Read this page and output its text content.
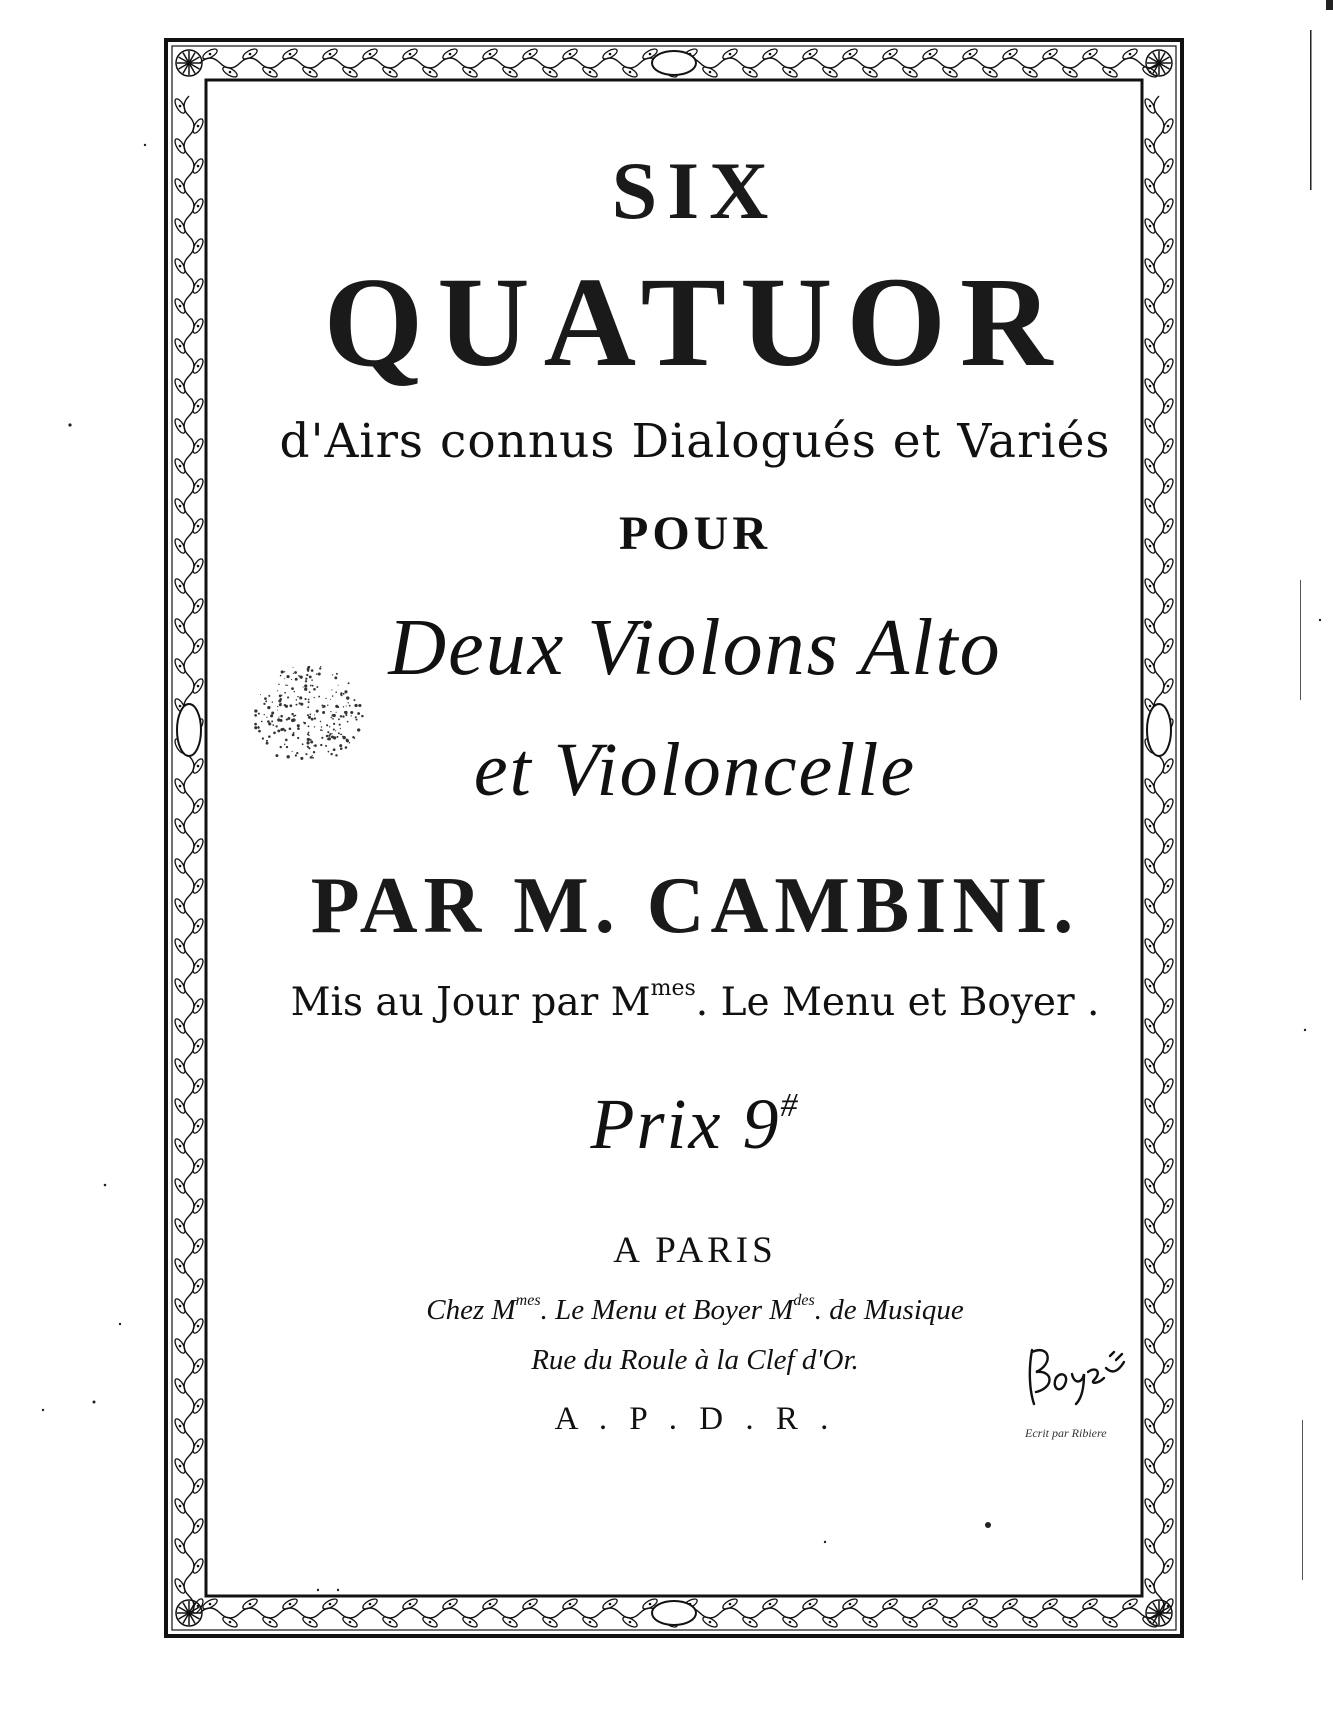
SIX
QUATUOR
d'Airs connus Dialogués et Variés
POUR
Deux Violons Alto
et Violoncelle
PAR M. CAMBINI.
Mis au Jour par $M^{mes}$. Le Menu et Boyer .
Prix 9#
A PARIS
Chez $M^{mes}$. Le Menu et Boyer $M^{des}$. de Musique
Rue du Roule à la Clef d'Or.
A . P . D . R .	Ecrit par Ribiere
